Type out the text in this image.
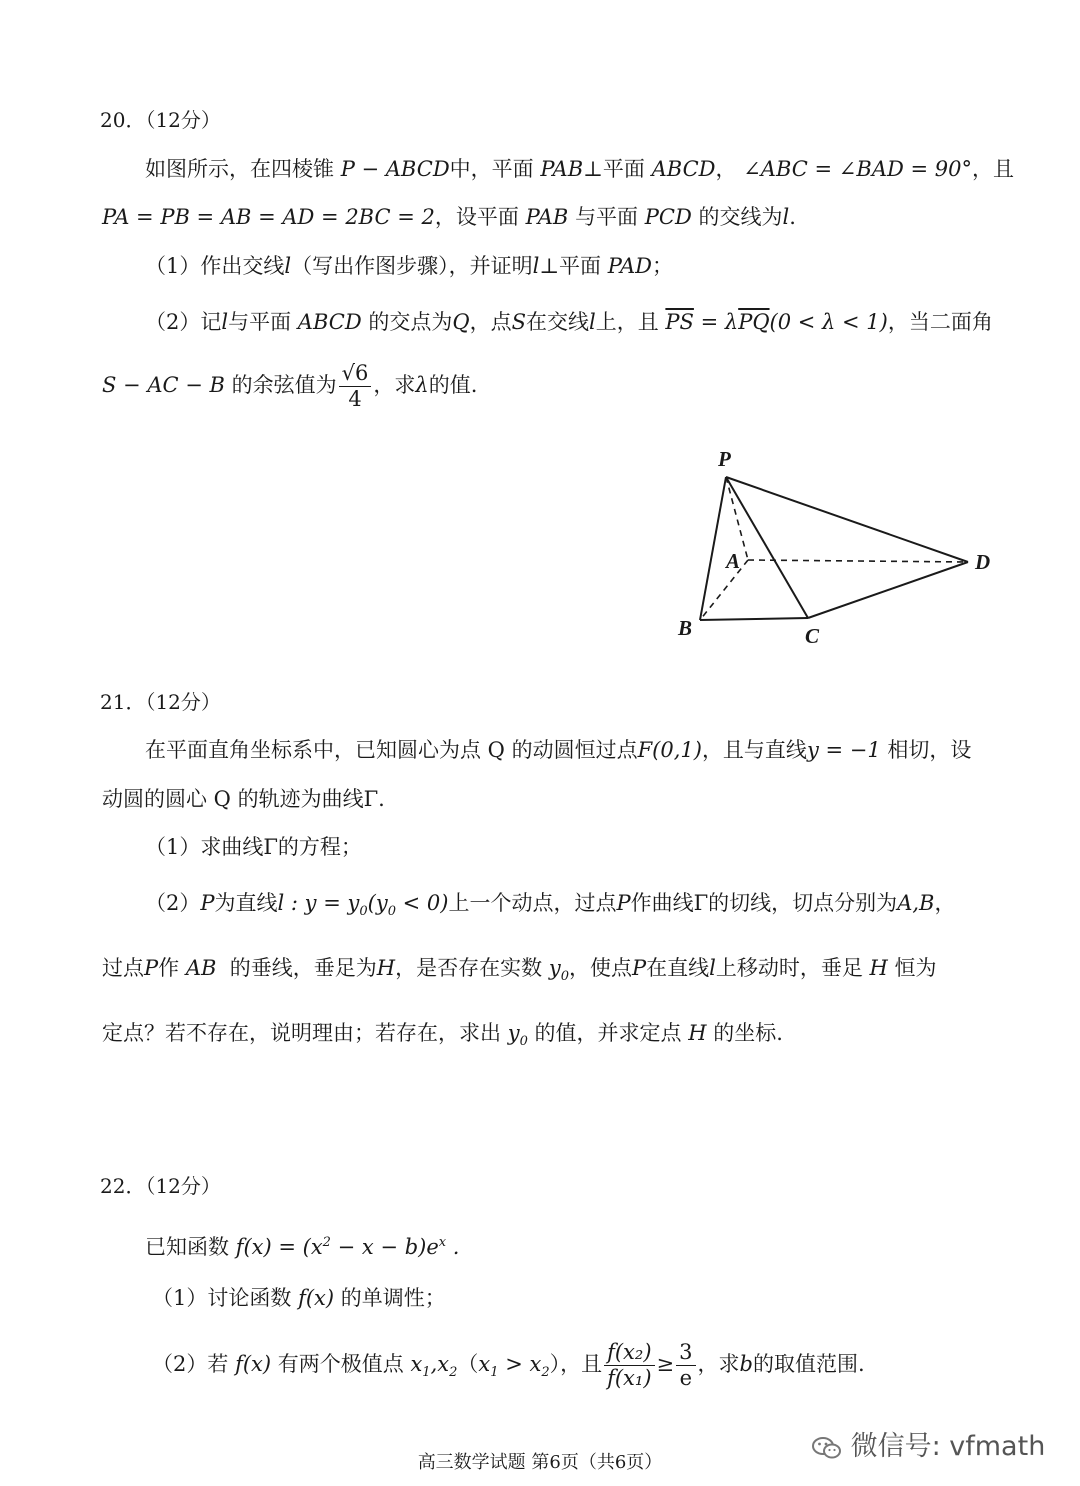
20．（12分）
如图所示，在四棱锥 P − ABCD中，平面 PAB⊥平面 ABCD， ∠ABC = ∠BAD = 90°，且
PA = PB = AB = AD = 2BC = 2，设平面 PAB 与平面 PCD 的交线为l.
（1）作出交线l（写出作图步骤），并证明l⊥平面 PAD；
（2）记l与平面 ABCD 的交点为Q，点S在交线l上，且 $\overline{PS} = \lambda\overline{PQ}(0 < \lambda < 1)$，当二面角
S − AC − B 的余弦值为 $\frac{√6}{4}$ ，求λ的值.
P
A
B	C
D
21．（12分）
在平面直角坐标系中，已知圆心为点 Q 的动圆恒过点F(0,1)，且与直线y = −1 相切，设
动圆的圆心 Q 的轨迹为曲线Γ.
（1）求曲线Γ的方程；
（2）P为直线l : $y = y_0(y_0 < 0)$上一个动点，过点P作曲线Γ的切线，切点分别为A,B，
过点P作 AB 的垂线，垂足为H，是否存在实数 $y_0$，使点P在直线l上移动时，垂足 H 恒为
定点？若不存在，说明理由；若存在，求出 $y_0$ 的值，并求定点 H 的坐标.
22．（12分）
已知函数 $f(x) = (x^2 - x - b)e^x$ .
（1）讨论函数 f(x) 的单调性；
（2）若 f(x) 有两个极值点 $x_1,x_2(x_1 > x_2)$，且 $\frac{\text{f(x₂)}}{\text{f(x₁)}} \ge \frac{3}{e}$ ，求b的取值范围.
高三数学试题 第6页（共6页）
微信号: vfmath
